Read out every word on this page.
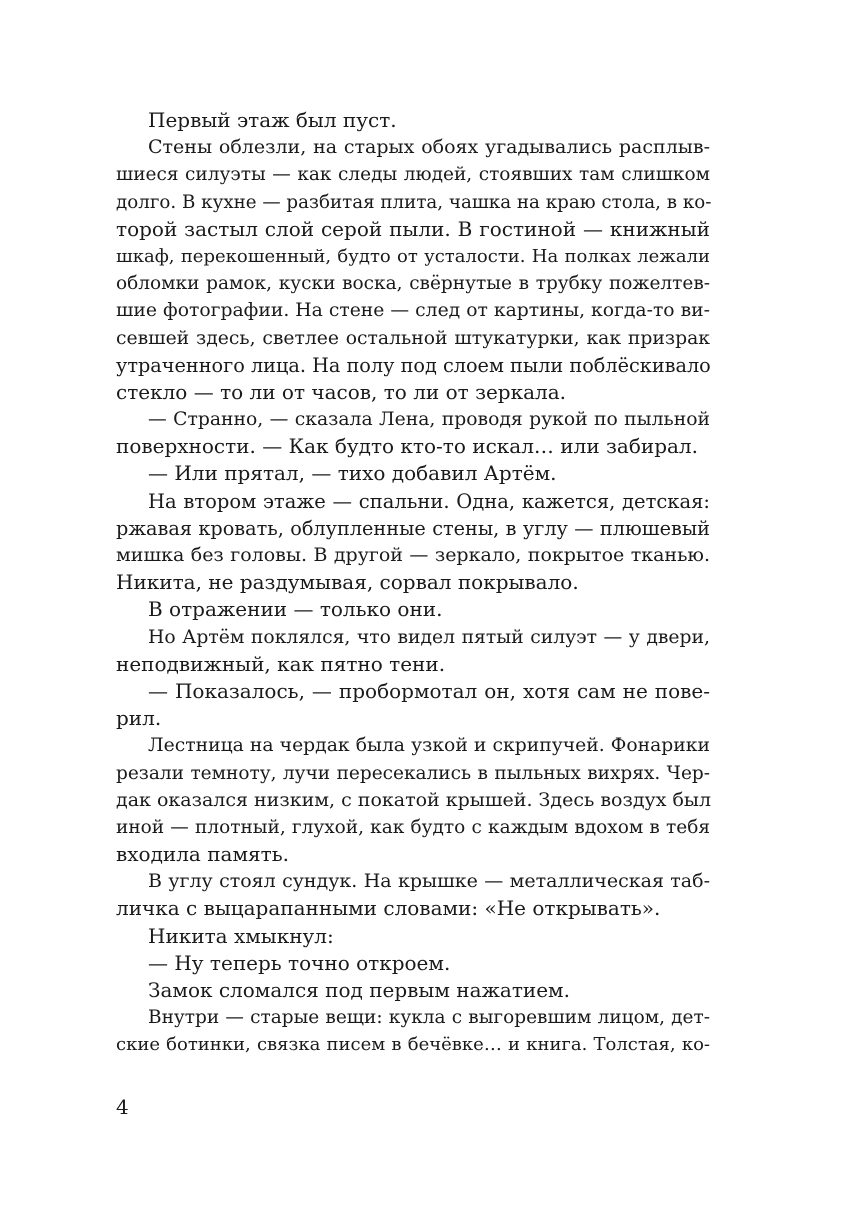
Первый этаж был пуст.
Стены облезли, на старых обоях угадывались расплыв-
шиеся силуэты — как следы людей, стоявших там слишком
долго. В кухне — разбитая плита, чашка на краю стола, в ко-
торой застыл слой серой пыли. В гостиной — книжный
шкаф, перекошенный, будто от усталости. На полках лежали
обломки рамок, куски воска, свёрнутые в трубку пожелтев-
шие фотографии. На стене — след от картины, когда-то ви-
севшей здесь, светлее остальной штукатурки, как призрак
утраченного лица. На полу под слоем пыли поблёскивало
стекло — то ли от часов, то ли от зеркала.
— Странно, — сказала Лена, проводя рукой по пыльной
поверхности. — Как будто кто-то искал… или забирал.
— Или прятал, — тихо добавил Артём.
На втором этаже — спальни. Одна, кажется, детская:
ржавая кровать, облупленные стены, в углу — плюшевый
мишка без головы. В другой — зеркало, покрытое тканью.
Никита, не раздумывая, сорвал покрывало.
В отражении — только они.
Но Артём поклялся, что видел пятый силуэт — у двери,
неподвижный, как пятно тени.
— Показалось, — пробормотал он, хотя сам не пове-
рил.
Лестница на чердак была узкой и скрипучей. Фонарики
резали темноту, лучи пересекались в пыльных вихрях. Чер-
дак оказался низким, с покатой крышей. Здесь воздух был
иной — плотный, глухой, как будто с каждым вдохом в тебя
входила память.
В углу стоял сундук. На крышке — металлическая таб-
личка с выцарапанными словами: «Не открывать».
Никита хмыкнул:
— Ну теперь точно откроем.
Замок сломался под первым нажатием.
Внутри — старые вещи: кукла с выгоревшим лицом, дет-
ские ботинки, связка писем в бечёвке… и книга. Толстая, ко-
4
